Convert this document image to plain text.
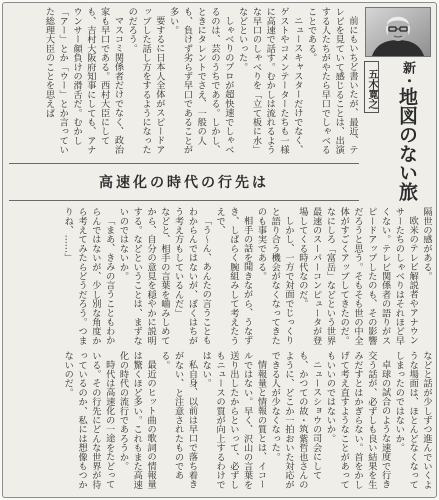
五木寛之	新・地図のない旅
高速化の時代の行先は

前にもいちど書いたが、最近、テレビを見ていて感じることは、出演する人たちがやたら早口でしゃべることである。

ニュースキャスターだけでなく、ゲストやコメンテーターたちも一様に高速で話す。むかしは流れるような早口のしゃべりを「立て板に水」などといった。

しゃべりのプロが超快速でしゃべるのは、芸のうちである。しかし、ときにタレントでさえ、一般の人も、負けず劣らず早口であることが多い。

要するに日本人全体がスピードアップした話し方をするようになったのだろう。

マスコミ関係者だけでなく、政治家も早口である。西村大臣にしても、吉村大阪府知事にしても、アナウンサー顔負けの滑舌だ。むかし「アー」とか「ウー」とか言っていた総理大臣のことを思えば

隔世の感がある。

欧米のテレビ解説者やアナウンサーたちのしゃべりはそれほど早くない。テレビ関係者の語りがスピードアップしたのも、その影響だろうと思う。そもそも世の中全体がすごくアップしてきたのだ。なにしろ「富岳」などという世界最速のスーパーコンピュータが登場してくる時代なのだ。

しかし、一方で対面でじっくりと語り合う機会がなくなってきたのも事実である。

相手の話を聞きながら、うなずき、しばらく腕組みして考えたうえで、

「う～ん、あんたの言うこともわからんではないが、ぼくはちがう考え方もしているんだ」

などと、相手の言葉を嚙みしめてから、自分の意見を穏やかに説明する。などということは、まずないのではないか。

「まあ、きみの言うこともわからんではないが、少し別な角度から考えてみたらどうだろう。つまりね、……」

などと話が少しずつ進んでいくような場面は、ほとんどなくなってしまったのではないか。

卓球の試合のような速度で行き交う話が、必ずしも良い結果を生みだすとはかぎらない。首をかしげて考え直すようなことがあってもいいのではないか。

ニュースショウの司会にしても、かつての故・筑紫哲也さんのように、どこか一拍おいた対応ができる人が少なくなった。

情報量と情報の質とは、イコールではない。早く、沢山の言葉を送り出したからといって、必ずしもニュースの質が向上するわけではない。

私自身、以前は早口で落ち着きがない、と注意されたものである。

最近のヒット曲の歌詞の情報量は驚くほど多い。これもまた高速化の時代の流行であろうか。

時代は高速化の一途をたどっている。その行先にどんな世界が待っているのか、私には想像もつかないのだ。
